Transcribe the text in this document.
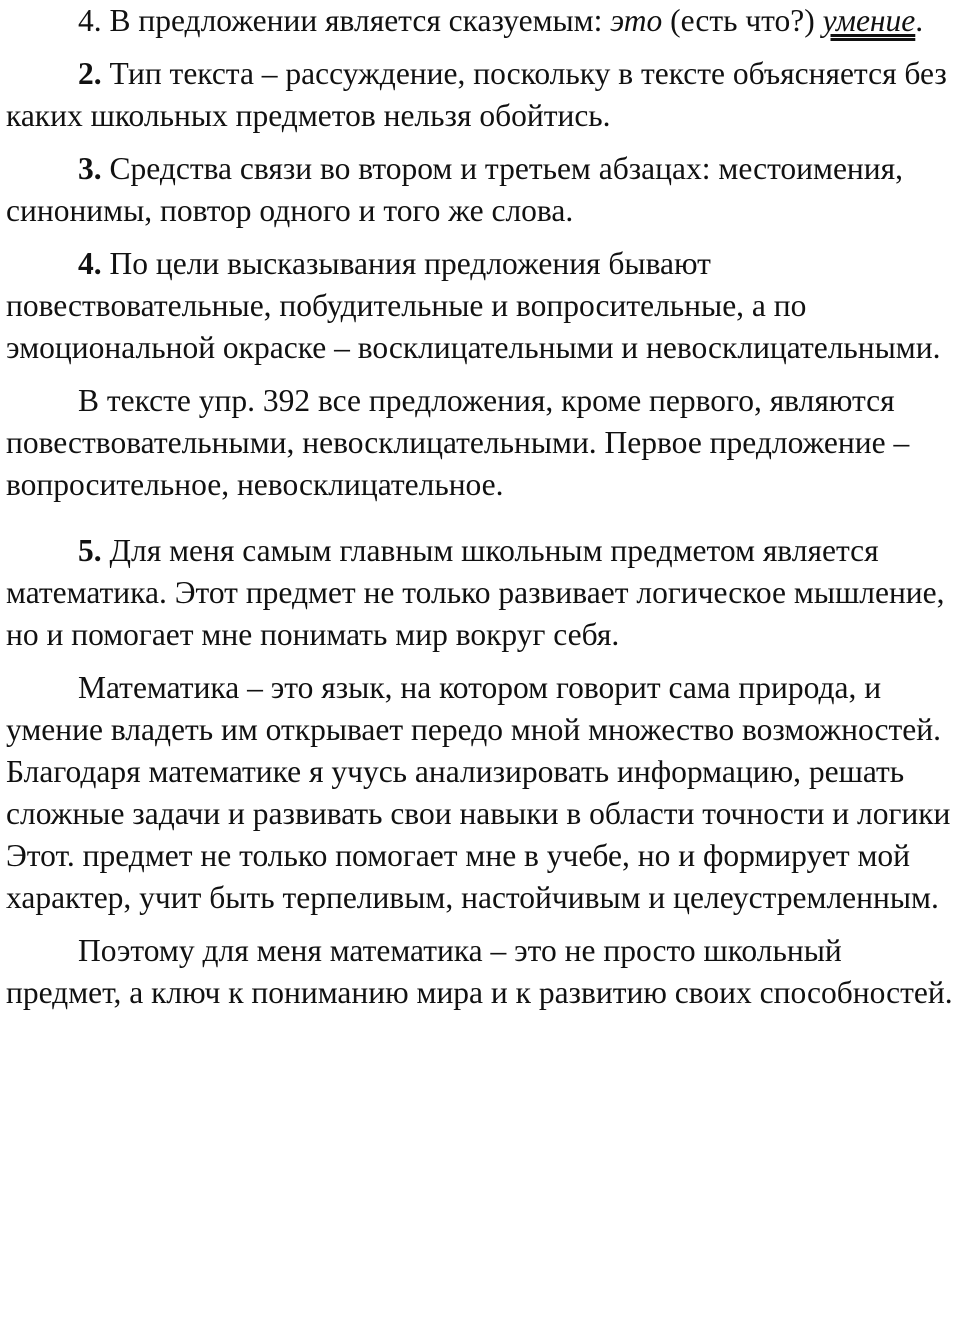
4. В предложении является сказуемым: это (есть что?) умение.

2. Тип текста – рассуждение, поскольку в тексте объясняется без каких школьных предметов нельзя обойтись.

3. Средства связи во втором и третьем абзацах: местоимения, синонимы, повтор одного и того же слова.

4. По цели высказывания предложения бывают повествовательные, побудительные и вопросительные, а по эмоциональной окраске – восклицательными и невосклицательными.

В тексте упр. 392 все предложения, кроме первого, являются повествовательными, невосклицательными. Первое предложение – вопросительное, невосклицательное.

5. Для меня самым главным школьным предметом является математика. Этот предмет не только развивает логическое мышление, но и помогает мне понимать мир вокруг себя.

Математика – это язык, на котором говорит сама природа, и умение владеть им открывает передо мной множество возможностей. Благодаря математике я учусь анализировать информацию, решать сложные задачи и развивать свои навыки в области точности и логики Этот. предмет не только помогает мне в учебе, но и формирует мой характер, учит быть терпеливым, настойчивым и целеустремленным.

Поэтому для меня математика – это не просто школьный предмет, а ключ к пониманию мира и к развитию своих способностей.
